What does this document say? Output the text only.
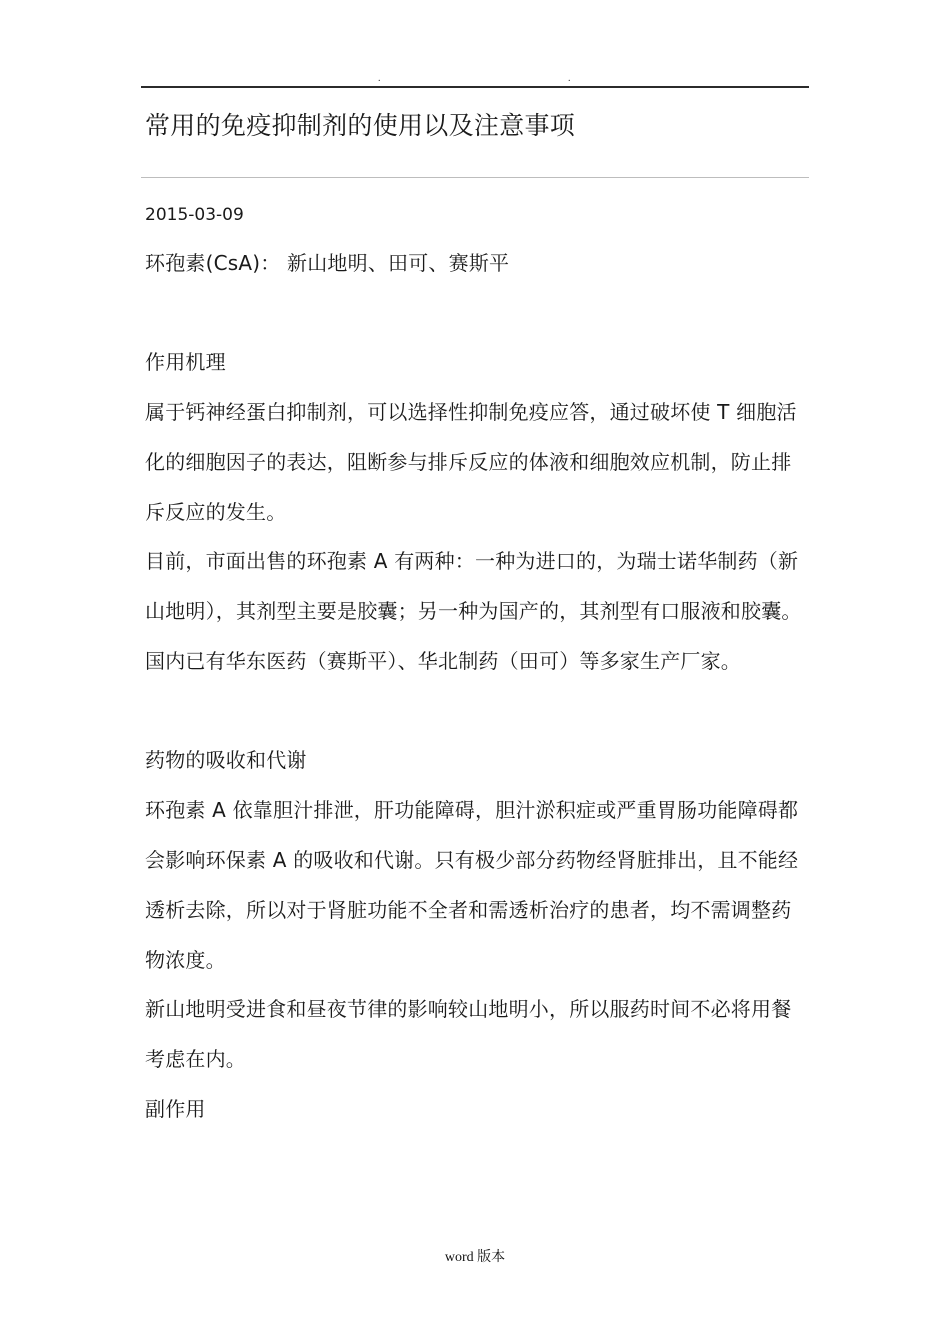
.	.
常用的免疫抑制剂的使用以及注意事项
2015-03-09

环孢素(CsA)： 新山地明、田可、赛斯平

作用机理

属于钙神经蛋白抑制剂，可以选择性抑制免疫应答，通过破坏使 T 细胞活化的细胞因子的表达，阻断参与排斥反应的体液和细胞效应机制，防止排斥反应的发生。

目前，市面出售的环孢素 A 有两种：一种为进口的，为瑞士诺华制药（新山地明），其剂型主要是胶囊；另一种为国产的，其剂型有口服液和胶囊。国内已有华东医药（赛斯平）、华北制药（田可）等多家生产厂家。

药物的吸收和代谢

环孢素 A 依靠胆汁排泄，肝功能障碍，胆汁淤积症或严重胃肠功能障碍都会影响环保素 A 的吸收和代谢。只有极少部分药物经肾脏排出，且不能经透析去除，所以对于肾脏功能不全者和需透析治疗的患者，均不需调整药物浓度。

新山地明受进食和昼夜节律的影响较山地明小，所以服药时间不必将用餐考虑在内。

副作用

word 版本
